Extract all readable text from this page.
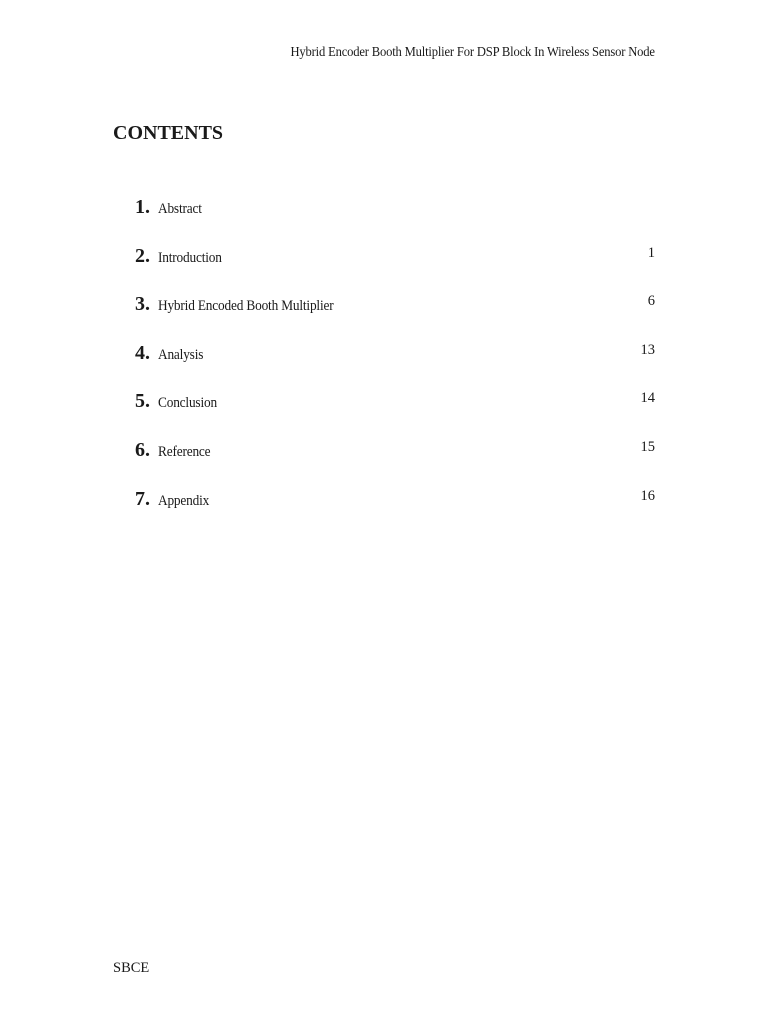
Hybrid Encoder Booth Multiplier For DSP Block In Wireless Sensor Node
CONTENTS
1. Abstract
2. Introduction	1
3. Hybrid Encoded Booth Multiplier	6
4. Analysis	13
5. Conclusion	14
6. Reference	15
7. Appendix	16
SBCE
